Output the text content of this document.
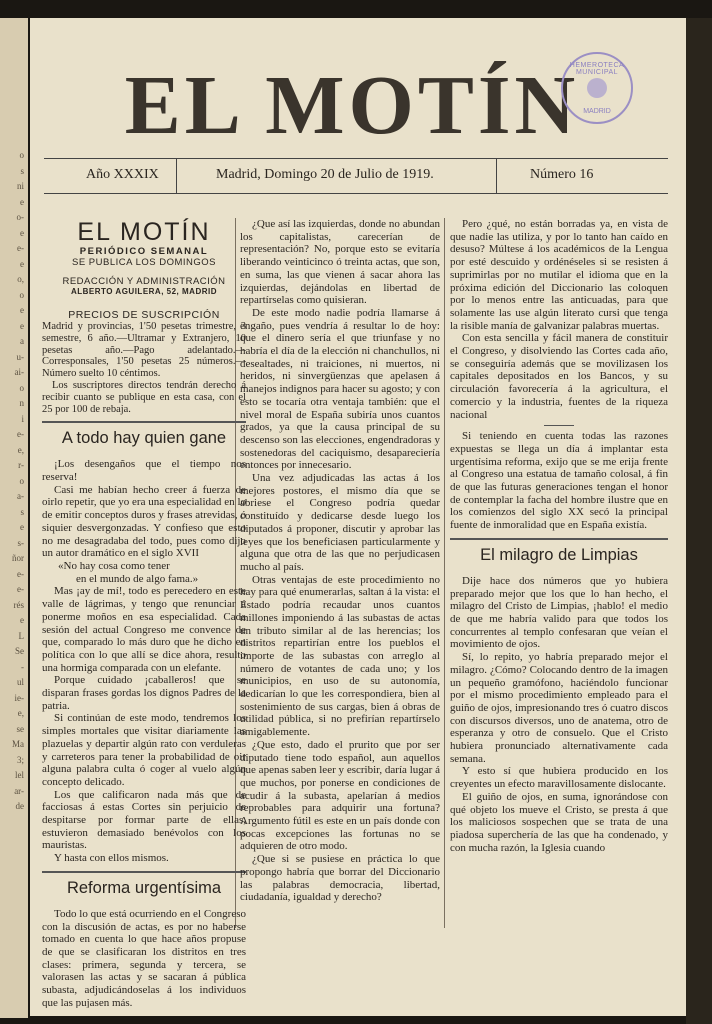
o
s
ni
e
o-
e
e-
e
o,
o
e
e
a
u-
ai-
o
n
i
e-
e,
r-
o
a-
s
e
s-
ñor
e-
e-
rés
e
L
Se
-
ul
ie-
e,
se
Ma
3;
lel
ar-
de
EL MOTÍN
HEMEROTECA MUNICIPAL
MADRID
Año XXXIX	Madrid, Domingo 20 de Julio de 1919.	Número 16
EL MOTÍN
PERIÓDICO SEMANAL
SE PUBLICA LOS DOMINGOS
REDACCIÓN Y ADMINISTRACIÓN
ALBERTO AGUILERA, 52, MADRID
PRECIOS DE SUSCRIPCIÓN

Madrid y provincias, 1'50 pesetas trimestre, 3 semestre, 6 año.—Ultramar y Extranjero, 10 pesetas año.—Pago adelantado.—Corresponsales, 1'50 pesetas 25 números.—Número suelto 10 céntimos.

Los suscriptores directos tendrán derecho á recibir cuanto se publique en esta casa, con el 25 por 100 de rebaja.

A todo hay quien gane

¡Los desengaños que el tiempo nos reserva!

Casi me habían hecho creer á fuerza de oirlo repetir, que yo era una especialidad en lo de emitir conceptos duros y frases atrevidas, ó siquier desvergonzadas. Y confieso que esto no me desagradaba del todo, pues como dijo un autor dramático en el siglo XVII

«No hay cosa como tener

en el mundo de algo fama.»

Mas ¡ay de mí!, todo es perecedero en este valle de lágrimas, y tengo que renunciar á ponerme moños en esa especialidad. Cada sesión del actual Congreso me convence de que, comparado lo más duro que he dicho en política con lo que allí se dice ahora, resulto una hormiga comparada con un elefante.

Porque cuidado ¡caballeros! que se disparan frases gordas los dignos Padres de la patria.

Si continúan de este modo, tendremos los simples mortales que visitar diariamente las plazuelas y departir algún rato con verduleras y carreteros para tener la probabilidad de oir alguna palabra culta ó coger al vuelo algún concepto delicado.

Los que calificaron nada más que de facciosas á estas Cortes sin perjuicio de despitarse por formar parte de ellas, estuvieron demasiado benévolos con los mauristas.

Y hasta con ellos mismos.

Reforma urgentísima

Todo lo que está ocurriendo en el Congreso con la discusión de actas, es por no haberse tomado en cuenta lo que hace años propuse de que se clasificaran los distritos en tres clases: primera, segunda y tercera, se valorasen las actas y se sacaran á pública subasta, adjudicándoselas á los individuos que las pujasen más.

¿Que así las izquierdas, donde no abundan los capitalistas, carecerían de representación? No, porque esto se evitaría liberando veinticinco ó treinta actas, que son, en suma, las que vienen á sacar ahora las izquierdas, dejándolas en libertad de repartírselas como quisieran.

De este modo nadie podría llamarse á engaño, pues vendría á resultar lo de hoy: que el dinero sería el que triunfase y no habría el día de la elección ni chanchullos, ni desealtades, ni traiciones, ni muertos, ni heridos, ni sinvergüenzas que apelasen á manejos indignos para hacer su agosto; y con esto se tocaría otra ventaja también: que el nivel moral de España subiría unos cuantos grados, ya que la causa principal de su descenso son las elecciones, engendradoras y sostenedoras del caciquismo, desapareciería entonces por innecesario.

Una vez adjudicadas las actas á los mejores postores, el mismo día que se abriese el Congreso podría quedar constituído y dedicarse desde luego los diputados á proponer, discutir y aprobar las leyes que los beneficiasen particularmente y alguna que otra de las que no perjudicasen mucho al país.

Otras ventajas de este procedimiento no hay para qué enumerarlas, saltan á la vista: el Estado podría recaudar unos cuantos millones imponiendo á las subastas de actas un tributo similar al de las herencias; los distritos repartirían entre los pueblos el importe de las subastas con arreglo al número de votantes de cada uno; y los municipios, en uso de su autonomía, dedicarían lo que les correspondiera, bien al sostenimiento de sus cargas, bien á obras de utilidad pública, si no prefirían repartírselo amigablemente.

¿Que esto, dado el prurito que por ser diputado tiene todo español, aun aquellos que apenas saben leer y escribir, daría lugar á que muchos, por ponerse en condiciones de acudir á la subasta, apelarían á medios reprobables para adquirir una fortuna? Argumento fútil es este en un país donde con pocas excepciones las fortunas no se adquieren de otro modo.

¿Que si se pusiese en práctica lo que propongo habría que borrar del Diccionario las palabras democracia, libertad, ciudadanía, igualdad y derecho?

Pero ¿qué, no están borradas ya, en vista de que nadie las utiliza, y por lo tanto han caído en desuso? Múltese á los académicos de la Lengua por esté descuido y ordénéseles si se resisten á suprimirlas por no mutilar el idioma que en la próxima edición del Diccionario las coloquen por lo menos entre las anticuadas, para que solamente las use algún literato cursi que tenga la risible manía de galvanizar palabras muertas.

Con esta sencilla y fácil manera de constituir el Congreso, y disolviendo las Cortes cada año, se conseguiría además que se movilizasen los capitales depositados en los Bancos, y su circulación favorecería á la agricultura, el comercio y la industria, fuentes de la riqueza nacional

Si teniendo en cuenta todas las razones expuestas se llega un día á implantar esta urgentísima reforma, exijo que se me erija frente al Congreso una estatua de tamaño colosal, á fin de que las futuras generaciones tengan el honor de contemplar la facha del hombre ilustre que en los comienzos del siglo XX secó la principal fuente de inmoralidad que en España existía.

El milagro de Limpias

Dije hace dos números que yo hubiera preparado mejor que los que lo han hecho, el milagro del Cristo de Limpias, ¡hablo! el medio de que me habría valido para que todos los concurrentes al templo confesaran que veían el movimiento de ojos.

Sí, lo repito, yo habría preparado mejor el milagro. ¿Cómo? Colocando dentro de la imagen un pequeño gramófono, haciéndolo funcionar por el mismo procedimiento empleado para el guiño de ojos, impresionando tres ó cuatro discos con discursos diversos, uno de anatema, otro de esperanza y otro de consuelo. Que el Cristo hubiera pronunciado alternativamente cada semana.

Y esto sí que hubiera producido en los creyentes un efecto maravillosamente dislocante.

El guiño de ojos, en suma, ignorándose con qué objeto los mueve el Cristo, se presta á que los maliciosos sospechen que se trata de una piadosa superchería de las que ha condenado, y con mucha razón, la Iglesia cuando
